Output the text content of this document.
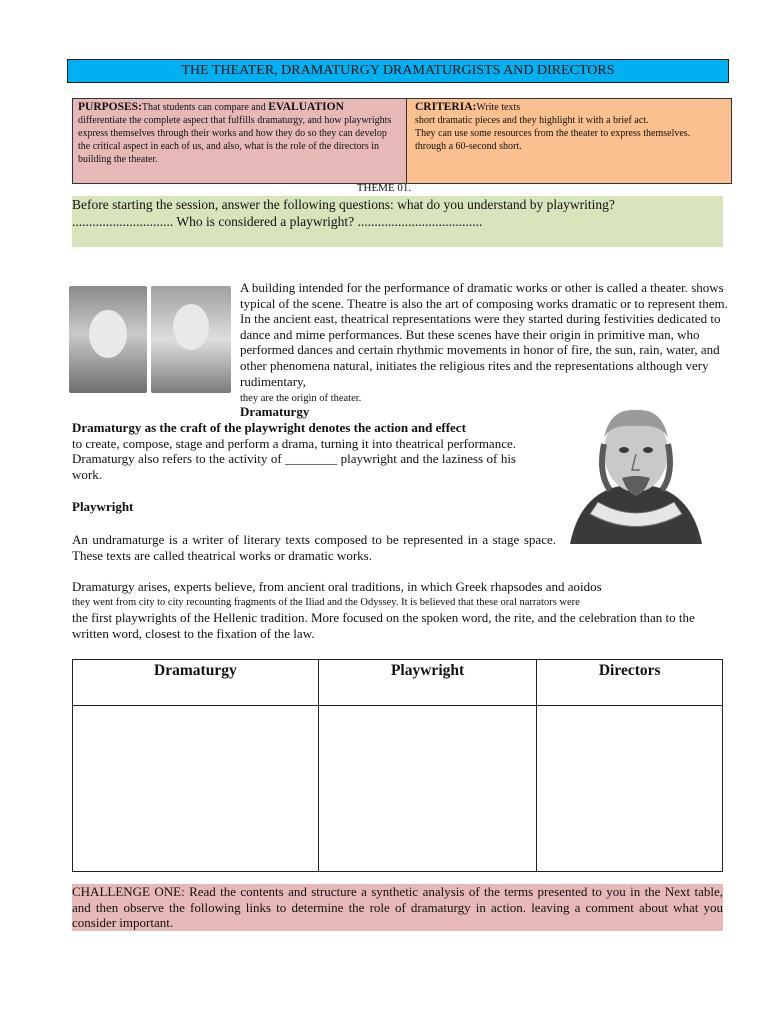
THE THEATER, DRAMATURGY DRAMATURGISTS AND DIRECTORS
PURPOSES:That students can compare and EVALUATION
differentiate the complete aspect that fulfills dramaturgy, and how playwrights express themselves through their works and how they do so they can develop the critical aspect in each of us, and also, what is the role of the directors in building the theater.
CRITERIA:Write texts
short dramatic pieces and they highlight it with a brief act.
They can use some resources from the theater to express themselves.
through a 60-second short.
THEME 01.
Before starting the session, answer the following questions: what do you understand by playwriting?
.............................. Who is considered a playwright? .....................................
A building intended for the performance of dramatic works or other is called a theater. shows typical of the scene. Theatre is also the art of composing works dramatic or to represent them. In the ancient east, theatrical representations were they started during festivities dedicated to dance and mime performances. But these scenes have their origin in primitive man, who performed dances and certain rhythmic movements in honor of fire, the sun, rain, water, and other phenomena natural, initiates the religious rites and the representations although very rudimentary,
they are the origin of theater.
Dramaturgy
Dramaturgy as the craft of the playwright denotes the action and effect
to create, compose, stage and perform a drama, turning it into theatrical performance. Dramaturgy also refers to the activity of ________ playwright and the laziness of his work.
Playwright
An undramaturge is a writer of literary texts composed to be represented in a stage space. These texts are called theatrical works or dramatic works.
Dramaturgy arises, experts believe, from ancient oral traditions, in which Greek rhapsodes and aoidos
they went from city to city recounting fragments of the Iliad and the Odyssey. It is believed that these oral narrators were
the first playwrights of the Hellenic tradition. More focused on the spoken word, the rite, and the celebration than to the written word, closest to the fixation of the law.
Dramaturgy	Playwright	Directors

CHALLENGE ONE: Read the contents and structure a synthetic analysis of the terms presented to you in the Next table, and then observe the following links to determine the role of dramaturgy in action. leaving a comment about what you consider important.
